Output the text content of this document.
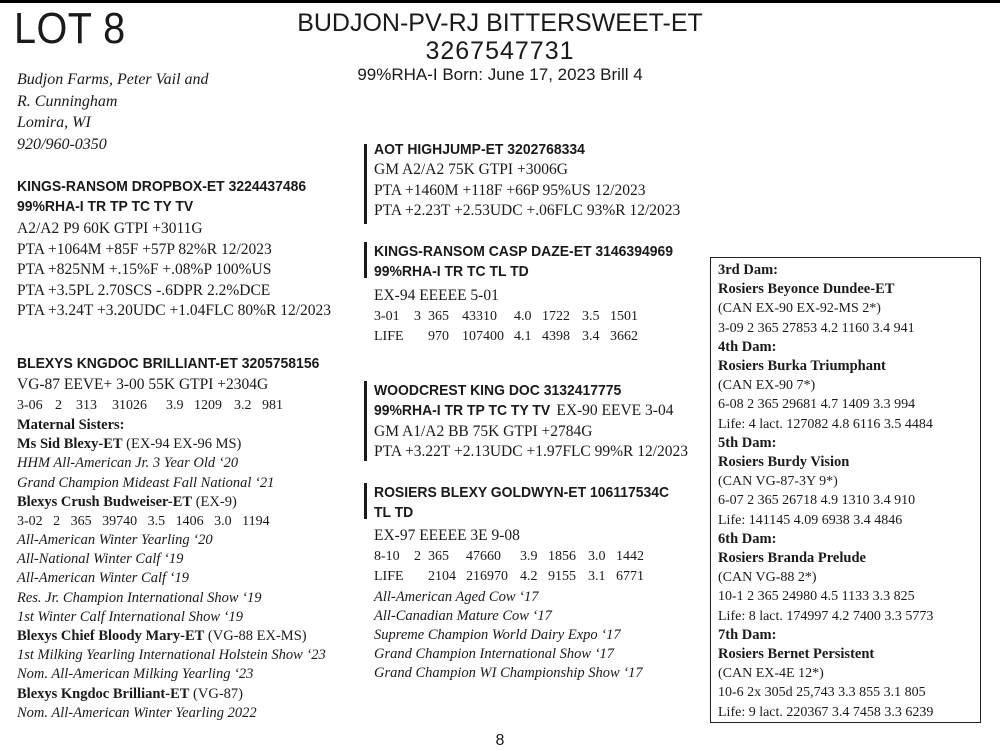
LOT 8	BUDJON-PV-RJ BITTERSWEET-ET
3267547731
99%RHA-I Born: June 17, 2023 Brill 4
Budjon Farms, Peter Vail and
R. Cunningham
Lomira, WI
920/960-0350
KINGS-RANSOM DROPBOX-ET 3224437486
99%RHA-I TR TP TC TY TV
A2/A2 P9 60K GTPI +3011G
PTA +1064M +85F +57P 82%R 12/2023
PTA +825NM +.15%F +.08%P 100%US
PTA +3.5PL 2.70SCS -.6DPR 2.2%DCE
PTA +3.24T +3.20UDC +1.04FLC 80%R 12/2023
BLEXYS KNGDOC BRILLIANT-ET 3205758156
VG-87 EEVE+ 3-00 55K GTPI +2304G
3-06	2	313	31026	3.9	1209	3.2	981
Maternal Sisters:
Ms Sid Blexy-ET (EX-94 EX-96 MS)
HHM All-American Jr. 3 Year Old ‘20
Grand Champion Mideast Fall National ‘21
Blexys Crush Budweiser-ET (EX-9)
3-02   2   365   39740   3.5   1406   3.0   1194
All-American Winter Yearling ‘20
All-National Winter Calf ‘19
All-American Winter Calf ‘19
Res. Jr. Champion International Show ‘19
1st Winter Calf International Show ‘19
Blexys Chief Bloody Mary-ET (VG-88 EX-MS)
1st Milking Yearling International Holstein Show ‘23
Nom. All-American Milking Yearling ‘23
Blexys Kngdoc Brilliant-ET (VG-87)
Nom. All-American Winter Yearling 2022
AOT HIGHJUMP-ET 3202768334
GM A2/A2 75K GTPI +3006G
PTA +1460M +118F +66P 95%US 12/2023
PTA +2.23T +2.53UDC +.06FLC 93%R 12/2023
KINGS-RANSOM CASP DAZE-ET 3146394969
99%RHA-I TR TC TL TD
EX-94 EEEEE 5-01
3-01	3	365	43310	4.0	1722	3.5	1501
LIFE		970	107400	4.1	4398	3.4	3662
WOODCREST KING DOC 3132417775
99%RHA-I TR TP TC TY TV EX-90 EEVE 3-04
GM A1/A2 BB 75K GTPI +2784G
PTA +3.22T +2.13UDC +1.97FLC 99%R 12/2023
ROSIERS BLEXY GOLDWYN-ET 106117534C
TL TD
EX-97 EEEEE 3E 9-08
8-10	2	365	47660	3.9	1856	3.0	1442
LIFE		2104	216970	4.2	9155	3.1	6771
All-American Aged Cow ‘17
All-Canadian Mature Cow ‘17
Supreme Champion World Dairy Expo ‘17
Grand Champion International Show ‘17
Grand Champion WI Championship Show ‘17
3rd Dam:
Rosiers Beyonce Dundee-ET
(CAN EX-90 EX-92-MS 2*)
3-09 2 365 27853 4.2 1160 3.4 941
4th Dam:
Rosiers Burka Triumphant
(CAN EX-90 7*)
6-08 2 365 29681 4.7 1409 3.3 994
Life: 4 lact. 127082 4.8 6116 3.5 4484
5th Dam:
Rosiers Burdy Vision
(CAN VG-87-3Y 9*)
6-07 2 365 26718 4.9 1310 3.4 910
Life: 141145 4.09 6938 3.4 4846
6th Dam:
Rosiers Branda Prelude
(CAN VG-88 2*)
10-1 2 365 24980 4.5 1133 3.3 825
Life: 8 lact. 174997 4.2 7400 3.3 5773
7th Dam:
Rosiers Bernet Persistent
(CAN EX-4E 12*)
10-6 2x 305d 25,743 3.3 855 3.1 805
Life: 9 lact. 220367 3.4 7458 3.3 6239
8
